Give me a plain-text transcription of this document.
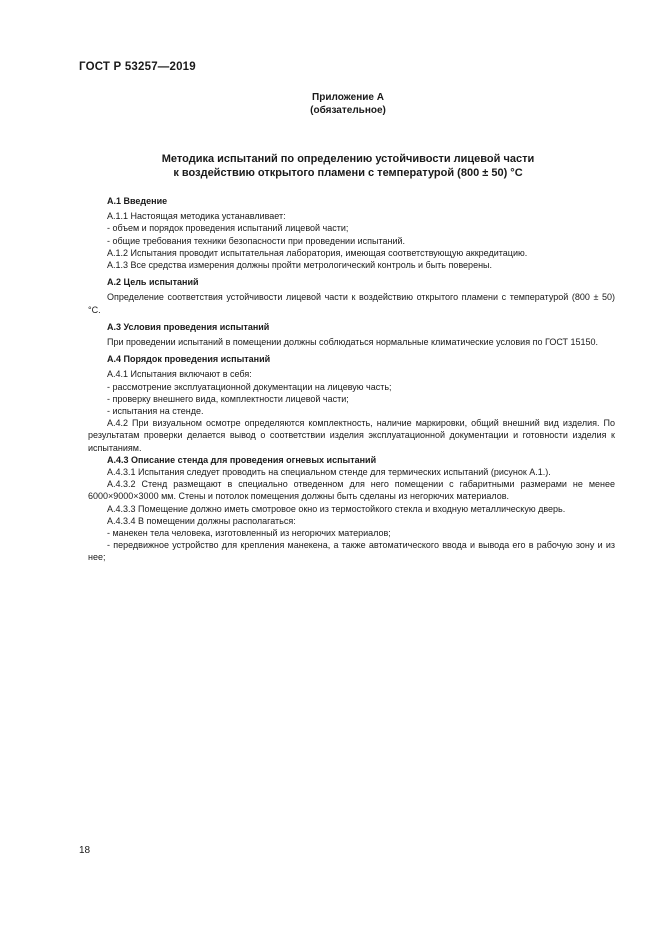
ГОСТ Р 53257—2019
Приложение А
(обязательное)
Методика испытаний по определению устойчивости лицевой части
к воздействию открытого пламени с температурой (800 ± 50) °С
А.1 Введение
А.1.1 Настоящая методика устанавливает:
- объем и порядок проведения испытаний лицевой части;
- общие требования техники безопасности при проведении испытаний.
А.1.2 Испытания проводит испытательная лаборатория, имеющая соответствующую аккредитацию.
А.1.3 Все средства измерения должны пройти метрологический контроль и быть поверены.
А.2 Цель испытаний
Определение соответствия устойчивости лицевой части к воздействию открытого пламени с температурой (800 ± 50) °С.
А.3 Условия проведения испытаний
При проведении испытаний в помещении должны соблюдаться нормальные климатические условия по ГОСТ 15150.
А.4 Порядок проведения испытаний
А.4.1 Испытания включают в себя:
- рассмотрение эксплуатационной документации на лицевую часть;
- проверку внешнего вида, комплектности лицевой части;
- испытания на стенде.
А.4.2 При визуальном осмотре определяются комплектность, наличие маркировки, общий внешний вид изделия. По результатам проверки делается вывод о соответствии изделия эксплуатационной документации и готовности изделия к испытаниям.
А.4.3 Описание стенда для проведения огневых испытаний
А.4.3.1 Испытания следует проводить на специальном стенде для термических испытаний (рисунок А.1.).
А.4.3.2 Стенд размещают в специально отведенном для него помещении с габаритными размерами не менее 6000×9000×3000 мм. Стены и потолок помещения должны быть сделаны из негорючих материалов.
А.4.3.3 Помещение должно иметь смотровое окно из термостойкого стекла и входную металлическую дверь.
А.4.3.4 В помещении должны располагаться:
- манекен тела человека, изготовленный из негорючих материалов;
- передвижное устройство для крепления манекена, а также автоматического ввода и вывода его в рабочую зону и из нее;
18
